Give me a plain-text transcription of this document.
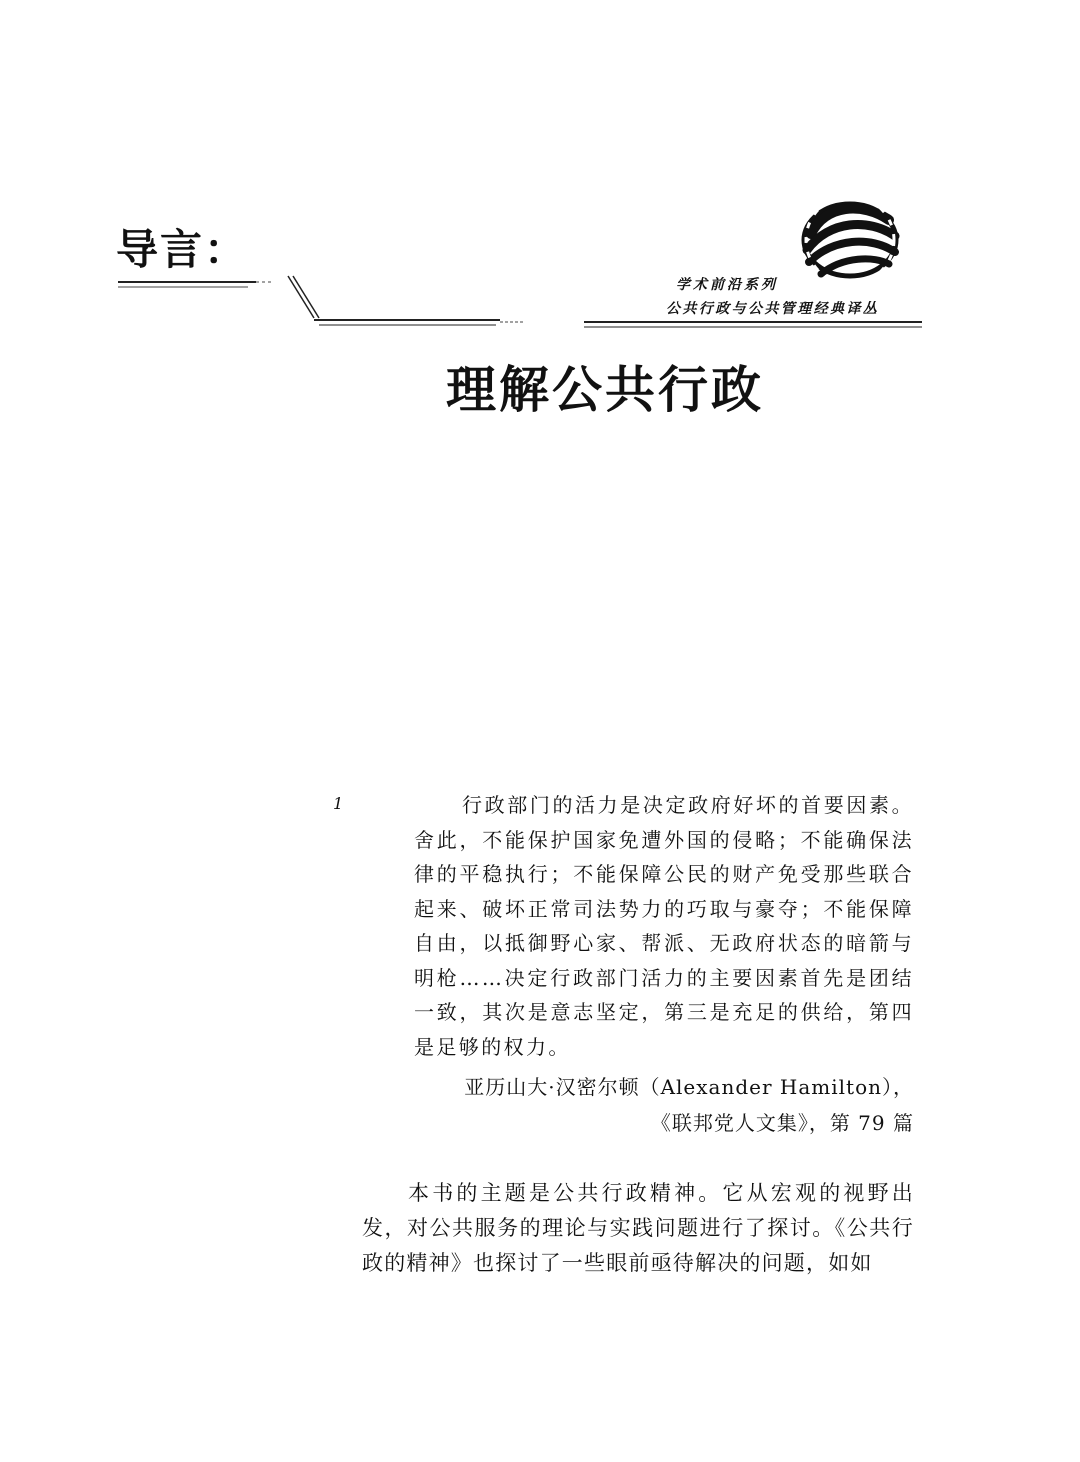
导言：
学术前沿系列
公共行政与公共管理经典译丛
理解公共行政
1	行政部门的活力是决定政府好坏的首要因素。舍此，不能保护国家免遭外国的侵略；不能确保法律的平稳执行；不能保障公民的财产免受那些联合起来、破坏正常司法势力的巧取与豪夺；不能保障自由，以抵御野心家、帮派、无政府状态的暗箭与明枪……决定行政部门活力的主要因素首先是团结一致，其次是意志坚定，第三是充足的供给，第四是足够的权力。
亚历山大·汉密尔顿（Alexander Hamilton），
《联邦党人文集》，第 79 篇
本书的主题是公共行政精神。它从宏观的视野出发，对公共服务的理论与实践问题进行了探讨。《公共行政的精神》也探讨了一些眼前亟待解决的问题，如如
